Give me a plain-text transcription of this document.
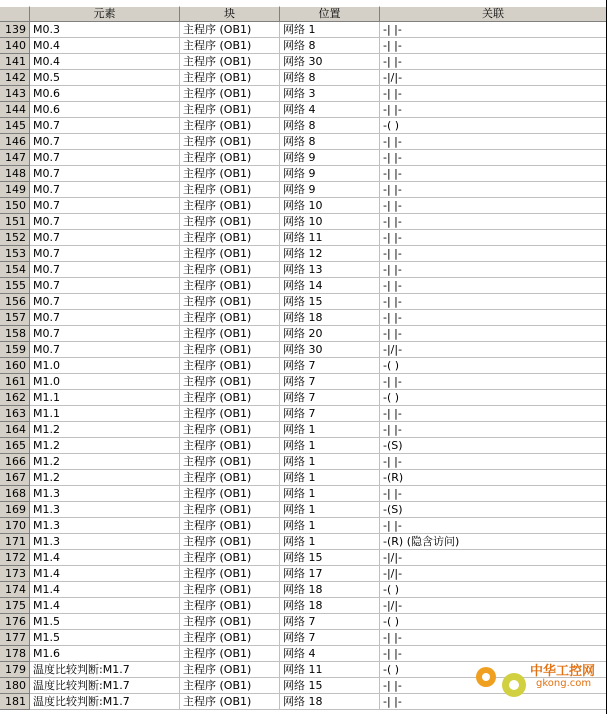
元素	块	位置	关联
139 M0.3	主程序 (OB1)	网络 1	-| |-
140 M0.4	主程序 (OB1)	网络 8	-| |-
141 M0.4	主程序 (OB1)	网络 30	-| |-
142 M0.5	主程序 (OB1)	网络 8	-|/|-
143 M0.6	主程序 (OB1)	网络 3	-| |-
144 M0.6	主程序 (OB1)	网络 4	-| |-
145 M0.7	主程序 (OB1)	网络 8	-( )
146 M0.7	主程序 (OB1)	网络 8	-| |-
147 M0.7	主程序 (OB1)	网络 9	-| |-
148 M0.7	主程序 (OB1)	网络 9	-| |-
149 M0.7	主程序 (OB1)	网络 9	-| |-
150 M0.7	主程序 (OB1)	网络 10	-| |-
151 M0.7	主程序 (OB1)	网络 10	-| |-
152 M0.7	主程序 (OB1)	网络 11	-| |-
153 M0.7	主程序 (OB1)	网络 12	-| |-
154 M0.7	主程序 (OB1)	网络 13	-| |-
155 M0.7	主程序 (OB1)	网络 14	-| |-
156 M0.7	主程序 (OB1)	网络 15	-| |-
157 M0.7	主程序 (OB1)	网络 18	-| |-
158 M0.7	主程序 (OB1)	网络 20	-| |-
159 M0.7	主程序 (OB1)	网络 30	-|/|-
160 M1.0	主程序 (OB1)	网络 7	-( )
161 M1.0	主程序 (OB1)	网络 7	-| |-
162 M1.1	主程序 (OB1)	网络 7	-( )
163 M1.1	主程序 (OB1)	网络 7	-| |-
164 M1.2	主程序 (OB1)	网络 1	-| |-
165 M1.2	主程序 (OB1)	网络 1	-(S)
166 M1.2	主程序 (OB1)	网络 1	-| |-
167 M1.2	主程序 (OB1)	网络 1	-(R)
168 M1.3	主程序 (OB1)	网络 1	-| |-
169 M1.3	主程序 (OB1)	网络 1	-(S)
170 M1.3	主程序 (OB1)	网络 1	-| |-
171 M1.3	主程序 (OB1)	网络 1	-(R) (隐含访问)
172 M1.4	主程序 (OB1)	网络 15	-|/|-
173 M1.4	主程序 (OB1)	网络 17	-|/|-
174 M1.4	主程序 (OB1)	网络 18	-( )
175 M1.4	主程序 (OB1)	网络 18	-|/|-
176 M1.5	主程序 (OB1)	网络 7	-( )
177 M1.5	主程序 (OB1)	网络 7	-| |-
178 M1.6	主程序 (OB1)	网络 4	-| |-
179 温度比较判断:M1.7	主程序 (OB1)	网络 11	-( )
180 温度比较判断:M1.7	主程序 (OB1)	网络 15	-| |-
181 温度比较判断:M1.7	主程序 (OB1)	网络 18	-| |-
中华工控网
gkong.com
